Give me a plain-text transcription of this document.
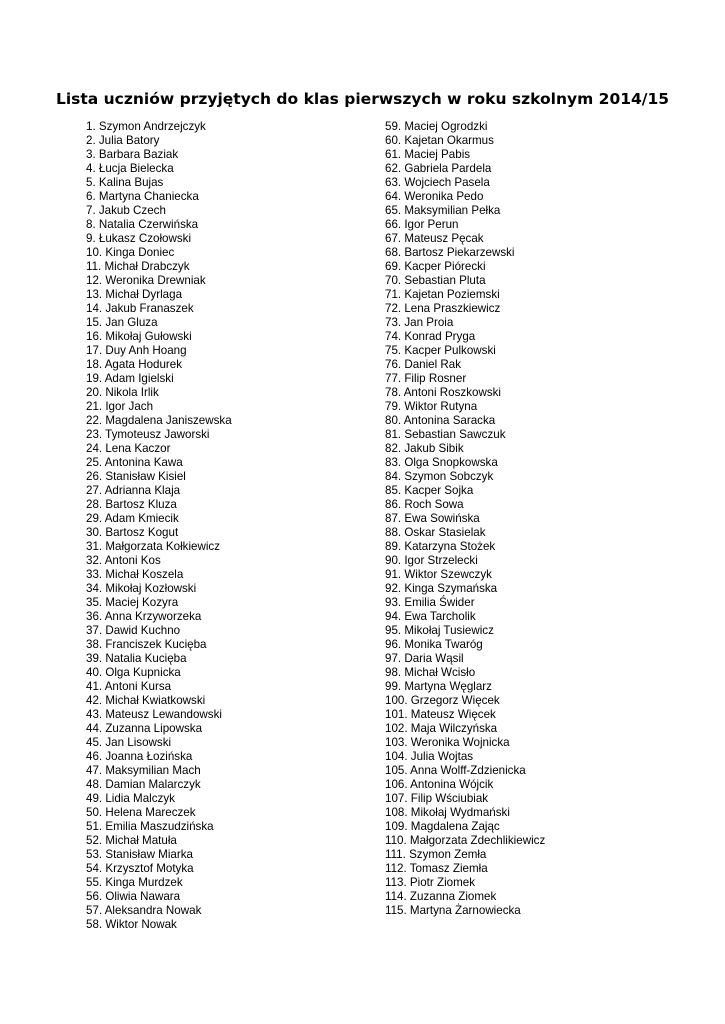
Lista uczniów przyjętych do klas pierwszych w roku szkolnym 2014/15
1. Szymon Andrzejczyk
2. Julia Batory
3. Barbara Baziak
4. Łucja Bielecka
5. Kalina Bujas
6. Martyna Chaniecka
7. Jakub Czech
8. Natalia Czerwińska
9. Łukasz Czołowski
10. Kinga Doniec
11. Michał Drabczyk
12. Weronika Drewniak
13. Michał Dyrlaga
14. Jakub Franaszek
15. Jan Gluza
16. Mikołaj Gułowski
17. Duy Anh Hoang
18. Agata Hodurek
19. Adam Igielski
20. Nikola Irlik
21. Igor Jach
22. Magdalena Janiszewska
23. Tymoteusz Jaworski
24. Lena Kaczor
25. Antonina Kawa
26. Stanisław Kisiel
27. Adrianna Klaja
28. Bartosz Kluza
29. Adam Kmiecik
30. Bartosz Kogut
31. Małgorzata Kołkiewicz
32. Antoni Kos
33. Michał Koszela
34. Mikołaj Kozłowski
35. Maciej Kozyra
36. Anna Krzyworzeka
37. Dawid Kuchno
38. Franciszek Kucięba
39. Natalia Kucięba
40. Olga Kupnicka
41. Antoni Kursa
42. Michał Kwiatkowski
43. Mateusz Lewandowski
44. Zuzanna Lipowska
45. Jan Lisowski
46. Joanna Łozińska
47. Maksymilian Mach
48. Damian Malarczyk
49. Lidia Malczyk
50. Helena Mareczek
51. Emilia Maszudzińska
52. Michał Matuła
53. Stanisław Miarka
54. Krzysztof Motyka
55. Kinga Murdzek
56. Oliwia Nawara
57. Aleksandra Nowak
58. Wiktor Nowak
59. Maciej Ogrodzki
60. Kajetan Okarmus
61. Maciej Pabis
62. Gabriela Pardela
63. Wojciech Pasela
64. Weronika Pedo
65. Maksymilian Pełka
66. Igor Perun
67. Mateusz Pęcak
68. Bartosz Piekarzewski
69. Kacper Piórecki
70. Sebastian Pluta
71. Kajetan Poziemski
72. Lena Praszkiewicz
73. Jan Proia
74. Konrad Pryga
75. Kacper Pulkowski
76. Daniel Rak
77. Filip Rosner
78. Antoni Roszkowski
79. Wiktor Rutyna
80. Antonina Saracka
81. Sebastian Sawczuk
82. Jakub Sibik
83. Olga Snopkowska
84. Szymon Sobczyk
85. Kacper Sojka
86. Roch Sowa
87. Ewa Sowińska
88. Oskar Stasielak
89. Katarzyna Stożek
90. Igor Strzelecki
91. Wiktor Szewczyk
92. Kinga Szymańska
93. Emilia Świder
94. Ewa Tarcholik
95. Mikołaj Tusiewicz
96. Monika Twaróg
97. Daria Wąsil
98. Michał Wcisło
99. Martyna Węglarz
100. Grzegorz Więcek
101. Mateusz Więcek
102. Maja Wilczyńska
103. Weronika Wojnicka
104. Julia Wojtas
105. Anna Wolff-Zdzienicka
106. Antonina Wójcik
107. Filip Wściubiak
108. Mikołaj Wydmański
109. Magdalena Zając
110. Małgorzata Zdechlikiewicz
111. Szymon Zemła
112. Tomasz Ziemła
113. Piotr Ziomek
114. Zuzanna Ziomek
115. Martyna Żarnowiecka
